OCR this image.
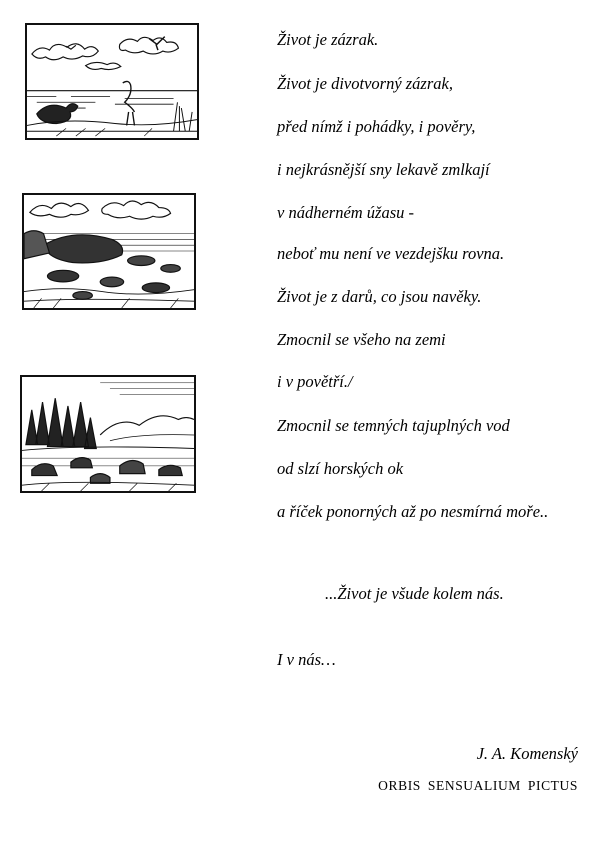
Život je zázrak.
Život je divotvorný zázrak,
před nímž i pohádky, i pověry,
i nejkrásnější sny lekavě zmlkají
v nádherném úžasu -
neboť mu není ve vezdejšku rovna.
Život je z darů, co jsou navěky.
Zmocnil se všeho na zemi
i v povětří./
Zmocnil se temných tajuplných vod
od slzí horských ok
a říček ponorných až po nesmírná moře..
...Život je všude kolem nás.
I v nás…
J. A. Komenský
ORBIS SENSUALIUM PICTUS
